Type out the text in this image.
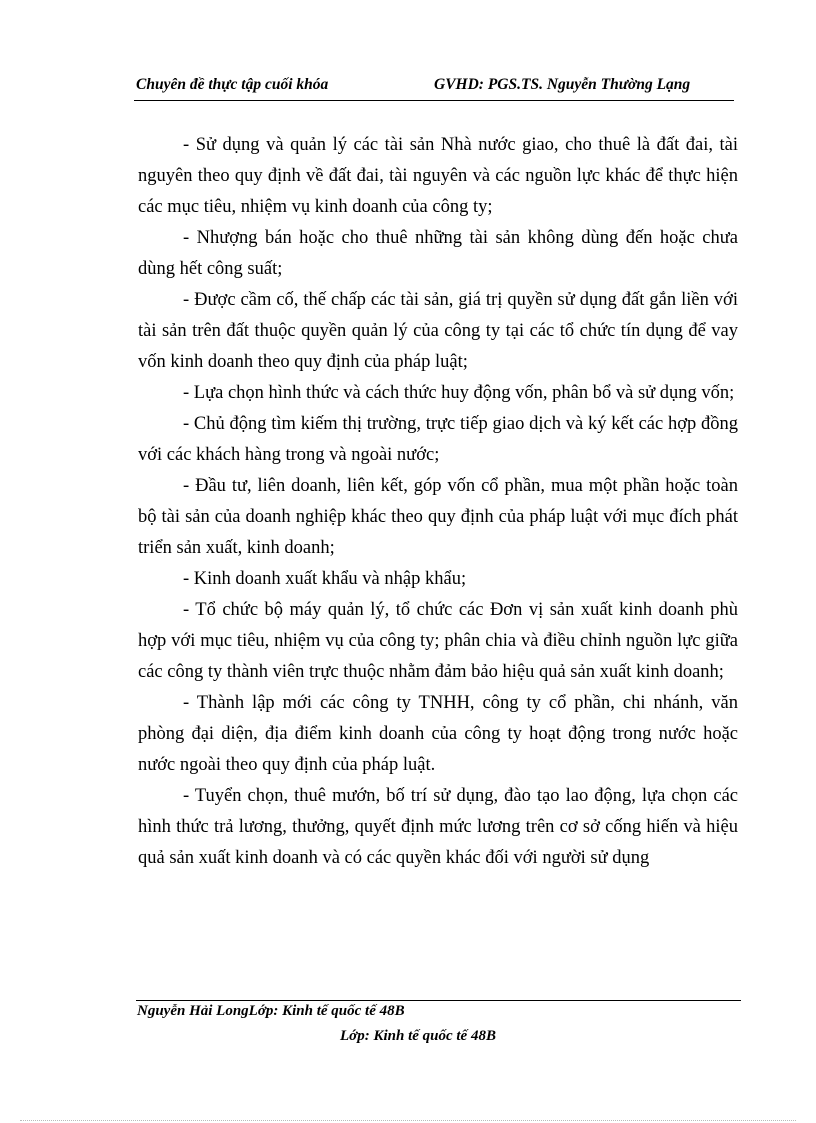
Chuyên đề thực tập cuối khóa	GVHD: PGS.TS. Nguyễn Thường Lạng

- Sử dụng và quản lý các tài sản Nhà nước giao, cho thuê là đất đai, tài nguyên theo quy định về đất đai, tài nguyên và các nguồn lực khác để thực hiện các mục tiêu, nhiệm vụ kinh doanh của công ty;

- Nhượng bán hoặc cho thuê những tài sản không dùng đến hoặc chưa dùng hết công suất;

- Được cầm cố, thế chấp các tài sản, giá trị quyền sử dụng đất gắn liền với tài sản trên đất thuộc quyền quản lý của công ty tại các tổ chức tín dụng để vay vốn kinh doanh theo quy định của pháp luật;

- Lựa chọn hình thức và cách thức huy động vốn, phân bổ và sử dụng vốn;

- Chủ động tìm kiếm thị trường, trực tiếp giao dịch và ký kết các hợp đồng với các khách hàng trong và ngoài nước;

- Đầu tư, liên doanh, liên kết, góp vốn cổ phần, mua một phần hoặc toàn bộ tài sản của doanh nghiệp khác theo quy định của pháp luật với mục đích phát triển sản xuất, kinh doanh;

- Kinh doanh xuất khẩu và nhập khẩu;

- Tổ chức bộ máy quản lý, tổ chức các Đơn vị sản xuất kinh doanh phù hợp với mục tiêu, nhiệm vụ của công ty; phân chia và điều chỉnh nguồn lực giữa các công ty thành viên trực thuộc nhằm đảm bảo hiệu quả sản xuất kinh doanh;

- Thành lập mới các công ty TNHH, công ty cổ phần, chi nhánh, văn phòng đại diện, địa điểm kinh doanh của công ty hoạt động trong nước hoặc nước ngoài theo quy định của pháp luật.

- Tuyển chọn, thuê mướn, bố trí sử dụng, đào tạo lao động, lựa chọn các hình thức trả lương, thưởng, quyết định mức lương trên cơ sở cống hiến và hiệu quả sản xuất kinh doanh và có các quyền khác đối với người sử dụng

Nguyễn Hải LongLớp: Kinh tế quốc tế 48B
Lớp: Kinh tế quốc tế 48B
